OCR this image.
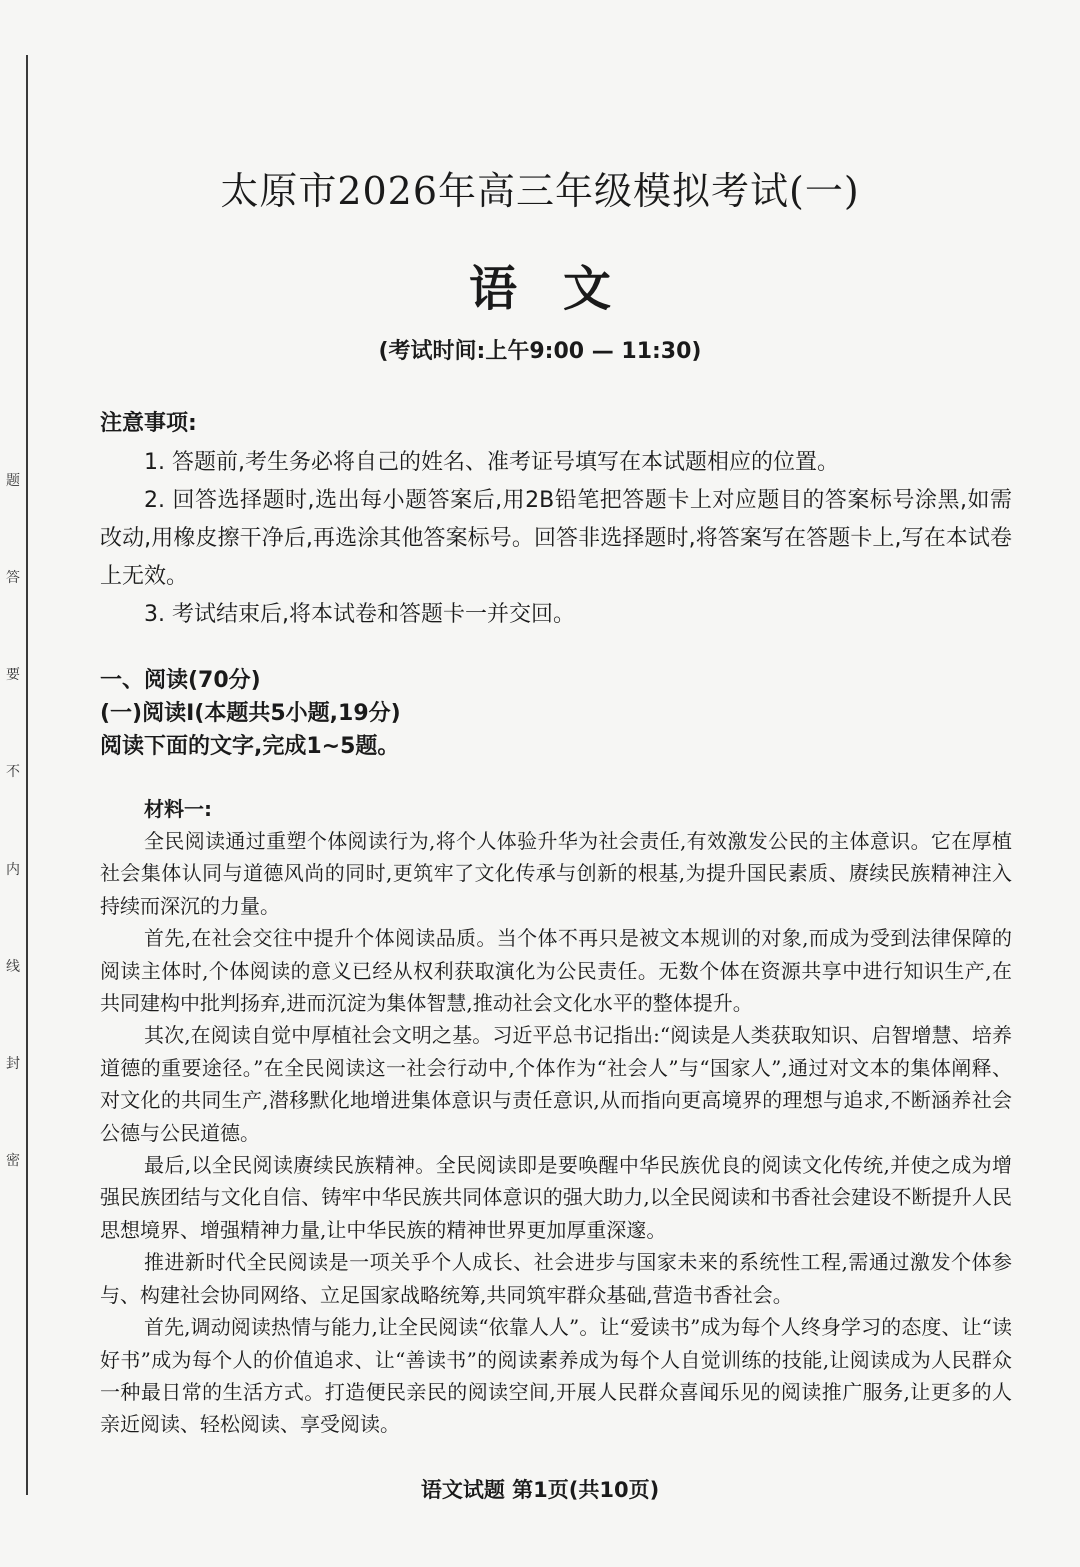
题
答
要
不
内
线
封
密
太原市2026年高三年级模拟考试(一)
语文
(考试时间:上午9:00 — 11:30)
注意事项:

1. 答题前,考生务必将自己的姓名、准考证号填写在本试题相应的位置。

2. 回答选择题时,选出每小题答案后,用2B铅笔把答题卡上对应题目的答案标号涂黑,如需改动,用橡皮擦干净后,再选涂其他答案标号。回答非选择题时,将答案写在答题卡上,写在本试卷上无效。

3. 考试结束后,将本试卷和答题卡一并交回。

一、阅读(70分)
(一)阅读Ⅰ(本题共5小题,19分)
阅读下面的文字,完成1~5题。
材料一:

全民阅读通过重塑个体阅读行为,将个人体验升华为社会责任,有效激发公民的主体意识。它在厚植社会集体认同与道德风尚的同时,更筑牢了文化传承与创新的根基,为提升国民素质、赓续民族精神注入持续而深沉的力量。

首先,在社会交往中提升个体阅读品质。当个体不再只是被文本规训的对象,而成为受到法律保障的阅读主体时,个体阅读的意义已经从权利获取演化为公民责任。无数个体在资源共享中进行知识生产,在共同建构中批判扬弃,进而沉淀为集体智慧,推动社会文化水平的整体提升。

其次,在阅读自觉中厚植社会文明之基。习近平总书记指出:“阅读是人类获取知识、启智增慧、培养道德的重要途径。”在全民阅读这一社会行动中,个体作为“社会人”与“国家人”,通过对文本的集体阐释、对文化的共同生产,潜移默化地增进集体意识与责任意识,从而指向更高境界的理想与追求,不断涵养社会公德与公民道德。

最后,以全民阅读赓续民族精神。全民阅读即是要唤醒中华民族优良的阅读文化传统,并使之成为增强民族团结与文化自信、铸牢中华民族共同体意识的强大助力,以全民阅读和书香社会建设不断提升人民思想境界、增强精神力量,让中华民族的精神世界更加厚重深邃。

推进新时代全民阅读是一项关乎个人成长、社会进步与国家未来的系统性工程,需通过激发个体参与、构建社会协同网络、立足国家战略统筹,共同筑牢群众基础,营造书香社会。

首先,调动阅读热情与能力,让全民阅读“依靠人人”。让“爱读书”成为每个人终身学习的态度、让“读好书”成为每个人的价值追求、让“善读书”的阅读素养成为每个人自觉训练的技能,让阅读成为人民群众一种最日常的生活方式。打造便民亲民的阅读空间,开展人民群众喜闻乐见的阅读推广服务,让更多的人亲近阅读、轻松阅读、享受阅读。

语文试题 第1页(共10页)
